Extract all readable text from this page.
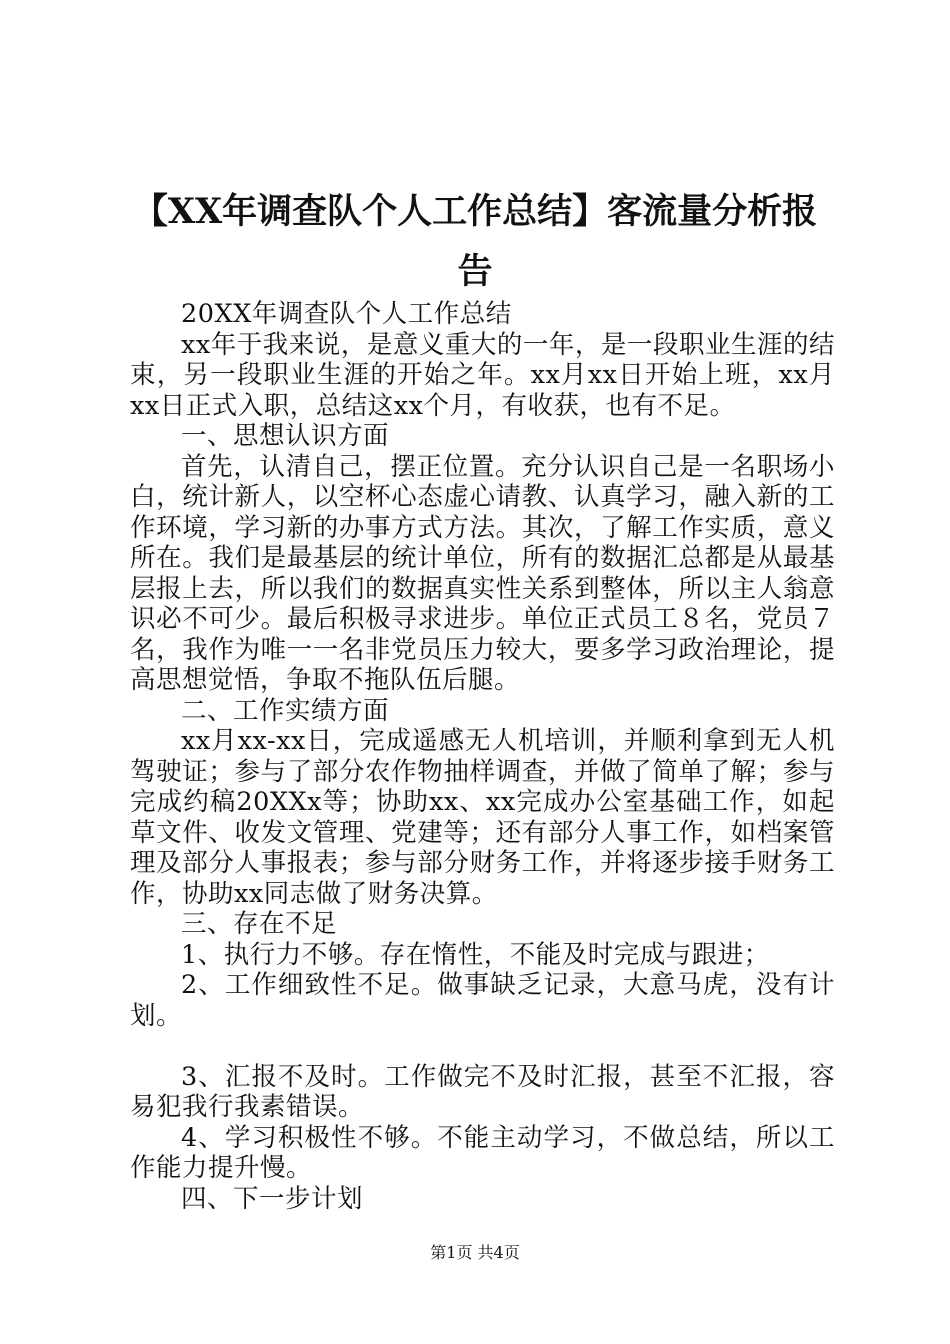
【XX年调查队个人工作总结】客流量分析报告

20XX年调查队个人工作总结

xx年于我来说，是意义重大的一年，是一段职业生涯的结束，另一段职业生涯的开始之年。xx月xx日开始上班，xx月xx日正式入职，总结这xx个月，有收获，也有不足。

一、思想认识方面

首先，认清自己，摆正位置。充分认识自己是一名职场小白，统计新人，以空杯心态虚心请教、认真学习，融入新的工作环境，学习新的办事方式方法。其次，了解工作实质，意义所在。我们是最基层的统计单位，所有的数据汇总都是从最基层报上去，所以我们的数据真实性关系到整体，所以主人翁意识必不可少。最后积极寻求进步。单位正式员工８名，党员７名，我作为唯一一名非党员压力较大，要多学习政治理论，提高思想觉悟，争取不拖队伍后腿。

二、工作实绩方面

xx月xx-xx日，完成遥感无人机培训，并顺利拿到无人机驾驶证；参与了部分农作物抽样调查，并做了简单了解；参与完成约稿20XXx等；协助xx、xx完成办公室基础工作，如起草文件、收发文管理、党建等；还有部分人事工作，如档案管理及部分人事报表；参与部分财务工作，并将逐步接手财务工作，协助xx同志做了财务决算。

三、存在不足

1、执行力不够。存在惰性，不能及时完成与跟进；

2、工作细致性不足。做事缺乏记录，大意马虎，没有计划。

3、汇报不及时。工作做完不及时汇报，甚至不汇报，容易犯我行我素错误。

4、学习积极性不够。不能主动学习，不做总结，所以工作能力提升慢。

四、下一步计划

第1页 共4页
